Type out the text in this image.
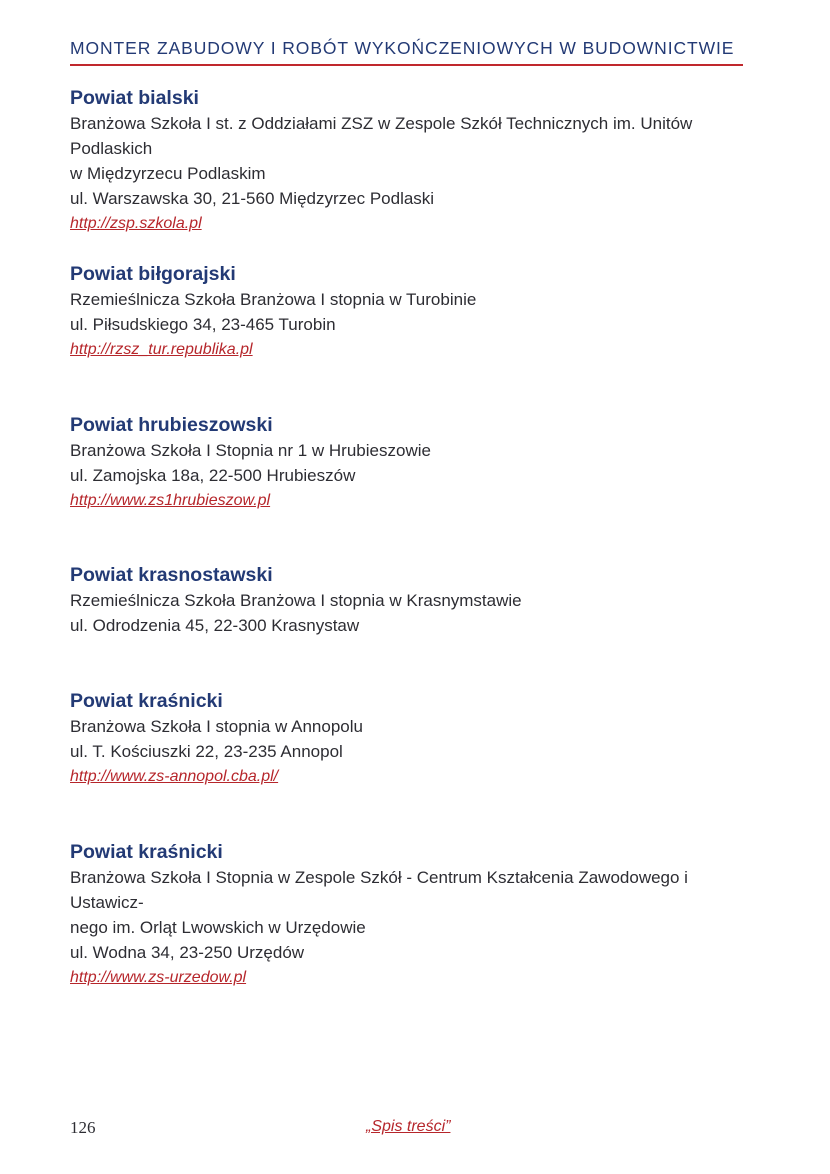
MONTER ZABUDOWY I ROBÓT WYKOŃCZENIOWYCH W BUDOWNICTWIE
Powiat bialski
Branżowa Szkoła I st. z Oddziałami ZSZ w Zespole Szkół Technicznych im. Unitów Podlaskich
w Międzyrzecu Podlaskim
ul. Warszawska 30, 21-560 Międzyrzec Podlaski
http://zsp.szkola.pl
Powiat biłgorajski
Rzemieślnicza Szkoła Branżowa I stopnia w Turobinie
ul. Piłsudskiego 34, 23-465 Turobin
http://rzsz_tur.republika.pl
Powiat hrubieszowski
Branżowa Szkoła I Stopnia nr 1 w Hrubieszowie
ul. Zamojska 18a, 22-500 Hrubieszów
http://www.zs1hrubieszow.pl
Powiat krasnostawski
Rzemieślnicza Szkoła Branżowa I stopnia w Krasnymstawie
ul. Odrodzenia 45, 22-300 Krasnystaw
Powiat kraśnicki
Branżowa Szkoła I stopnia w Annopolu
ul. T. Kościuszki 22, 23-235 Annopol
http://www.zs-annopol.cba.pl/
Powiat kraśnicki
Branżowa Szkoła I Stopnia w Zespole Szkół - Centrum Kształcenia Zawodowego i Ustawicz-
nego im. Orląt Lwowskich w Urzędowie
ul. Wodna 34, 23-250 Urzędów
http://www.zs-urzedow.pl
126	„Spis treści”
